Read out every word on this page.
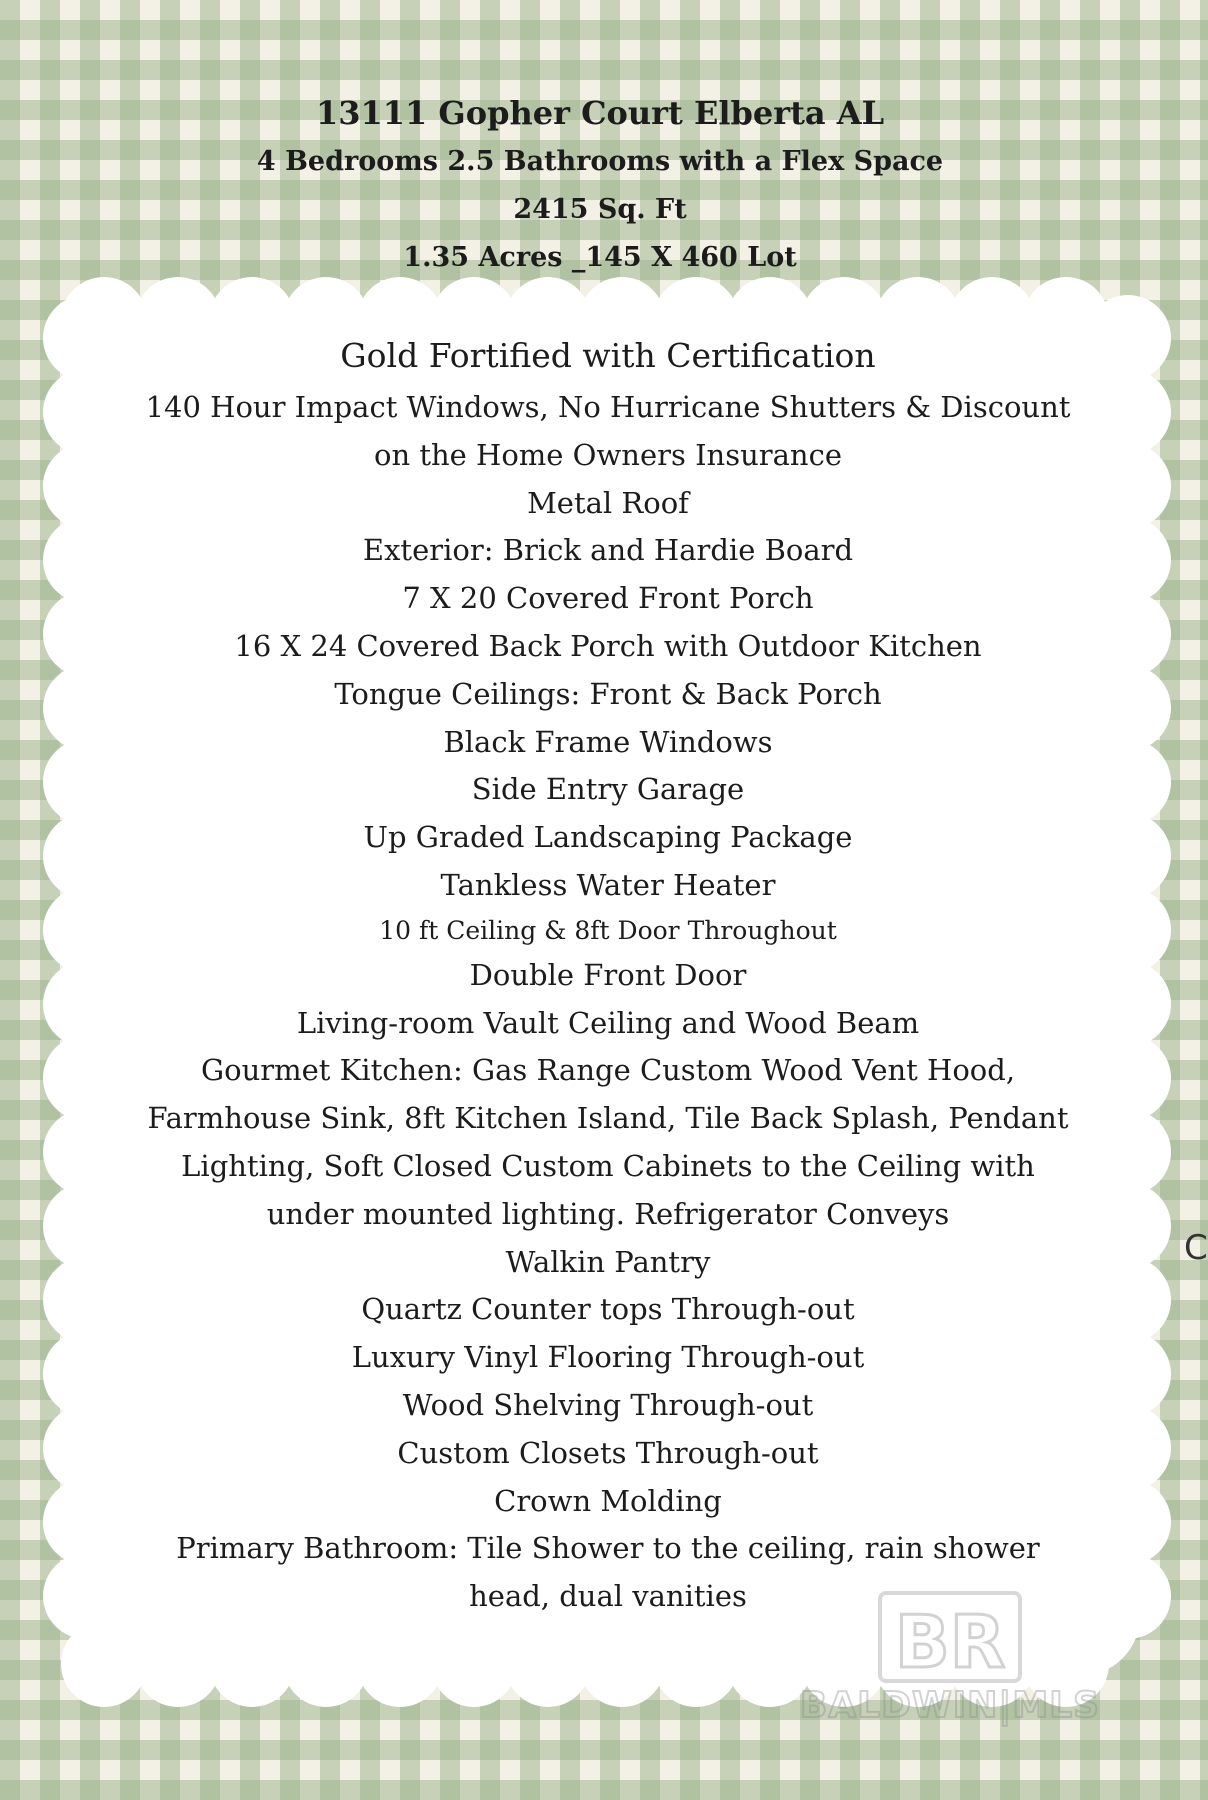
13111 Gopher Court Elberta AL
4 Bedrooms 2.5 Bathrooms with a Flex Space
2415 Sq. Ft
1.35 Acres _145 X 460 Lot
Gold Fortified with Certification
140 Hour Impact Windows, No Hurricane Shutters & Discount
on the Home Owners Insurance
Metal Roof
Exterior: Brick and Hardie Board
7 X 20 Covered Front Porch
16 X 24 Covered Back Porch with Outdoor Kitchen
Tongue Ceilings: Front & Back Porch
Black Frame Windows
Side Entry Garage
Up Graded Landscaping Package
Tankless Water Heater
10 ft Ceiling & 8ft Door Throughout
Double Front Door
Living-room Vault Ceiling and Wood Beam
Gourmet Kitchen: Gas Range Custom Wood Vent Hood,
Farmhouse Sink, 8ft Kitchen Island, Tile Back Splash, Pendant
Lighting, Soft Closed Custom Cabinets to the Ceiling with
under mounted lighting. Refrigerator Conveys
Walkin Pantry
Quartz Counter tops Through-out
Luxury Vinyl Flooring Through-out
Wood Shelving Through-out
Custom Closets Through-out
Crown Molding
Primary Bathroom: Tile Shower to the ceiling, rain shower
head, dual vanities
BR
BALDWIN|MLS
C
